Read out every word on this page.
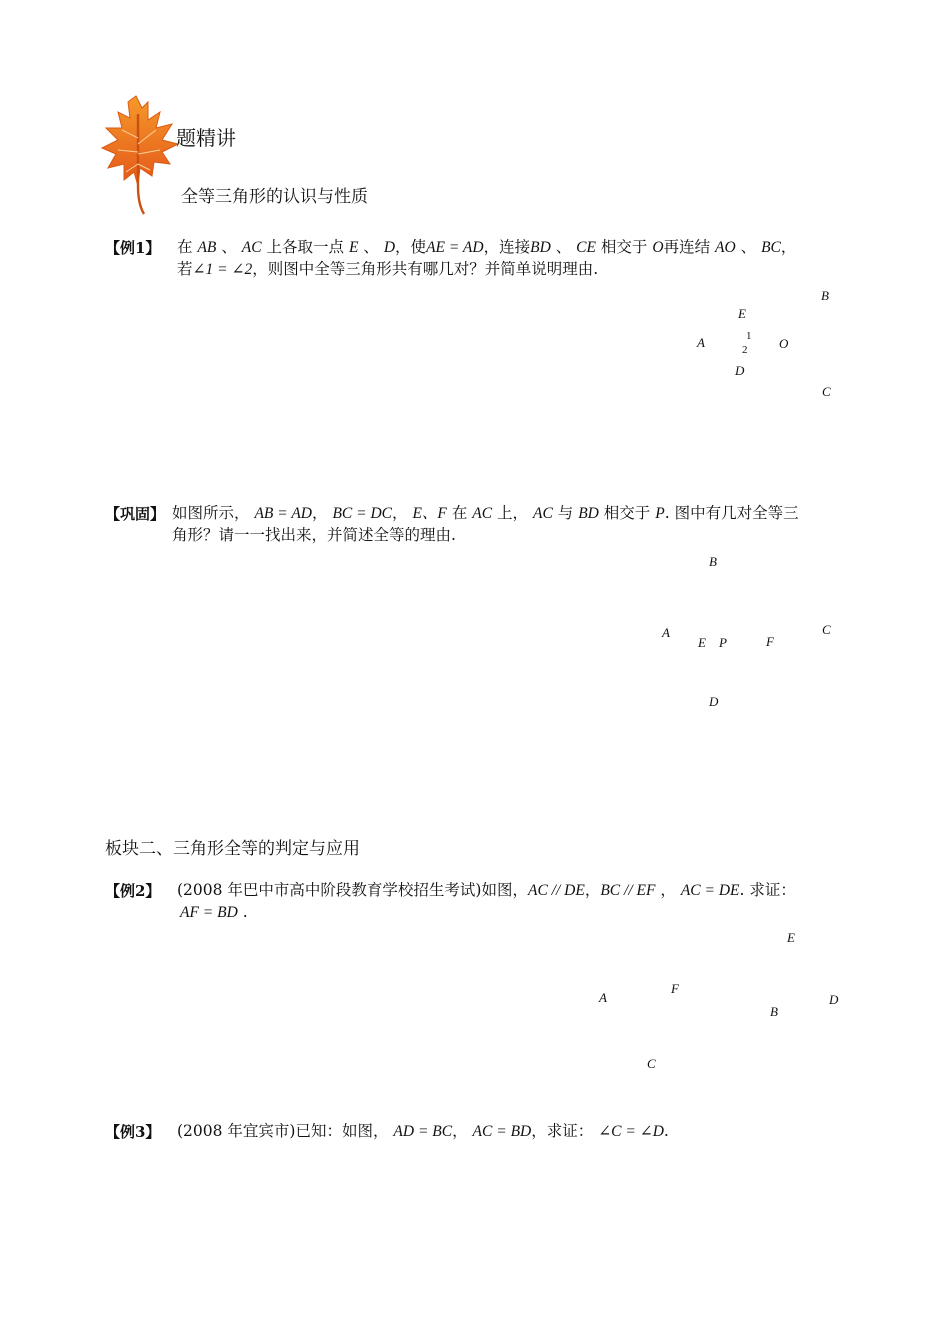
题精讲
全等三角形的认识与性质
【例1】 在 AB 、 AC 上各取一点 E 、 D，使AE = AD，连接BD 、 CE 相交于 O再连结 AO 、 BC，
若∠1 = ∠2，则图中全等三角形共有哪几对？并简单说明理由.
B
E
A	1
2 O
D
C
【巩固】 如图所示， AB = AD， BC = DC， E、F 在 AC 上， AC 与 BD 相交于 P. 图中有几对全等三
角形？请一一找出来，并简述全等的理由.
B
A	C
E P	F
D
板块二、三角形全等的判定与应用
【例2】 (2008 年巴中市高中阶段教育学校招生考试)如图，AC // DE，BC // EF ， AC = DE. 求证：
AF = BD .
E
F
A	D
B
C
【例3】 (2008 年宜宾市)已知：如图， AD = BC， AC = BD，求证： ∠C = ∠D.
